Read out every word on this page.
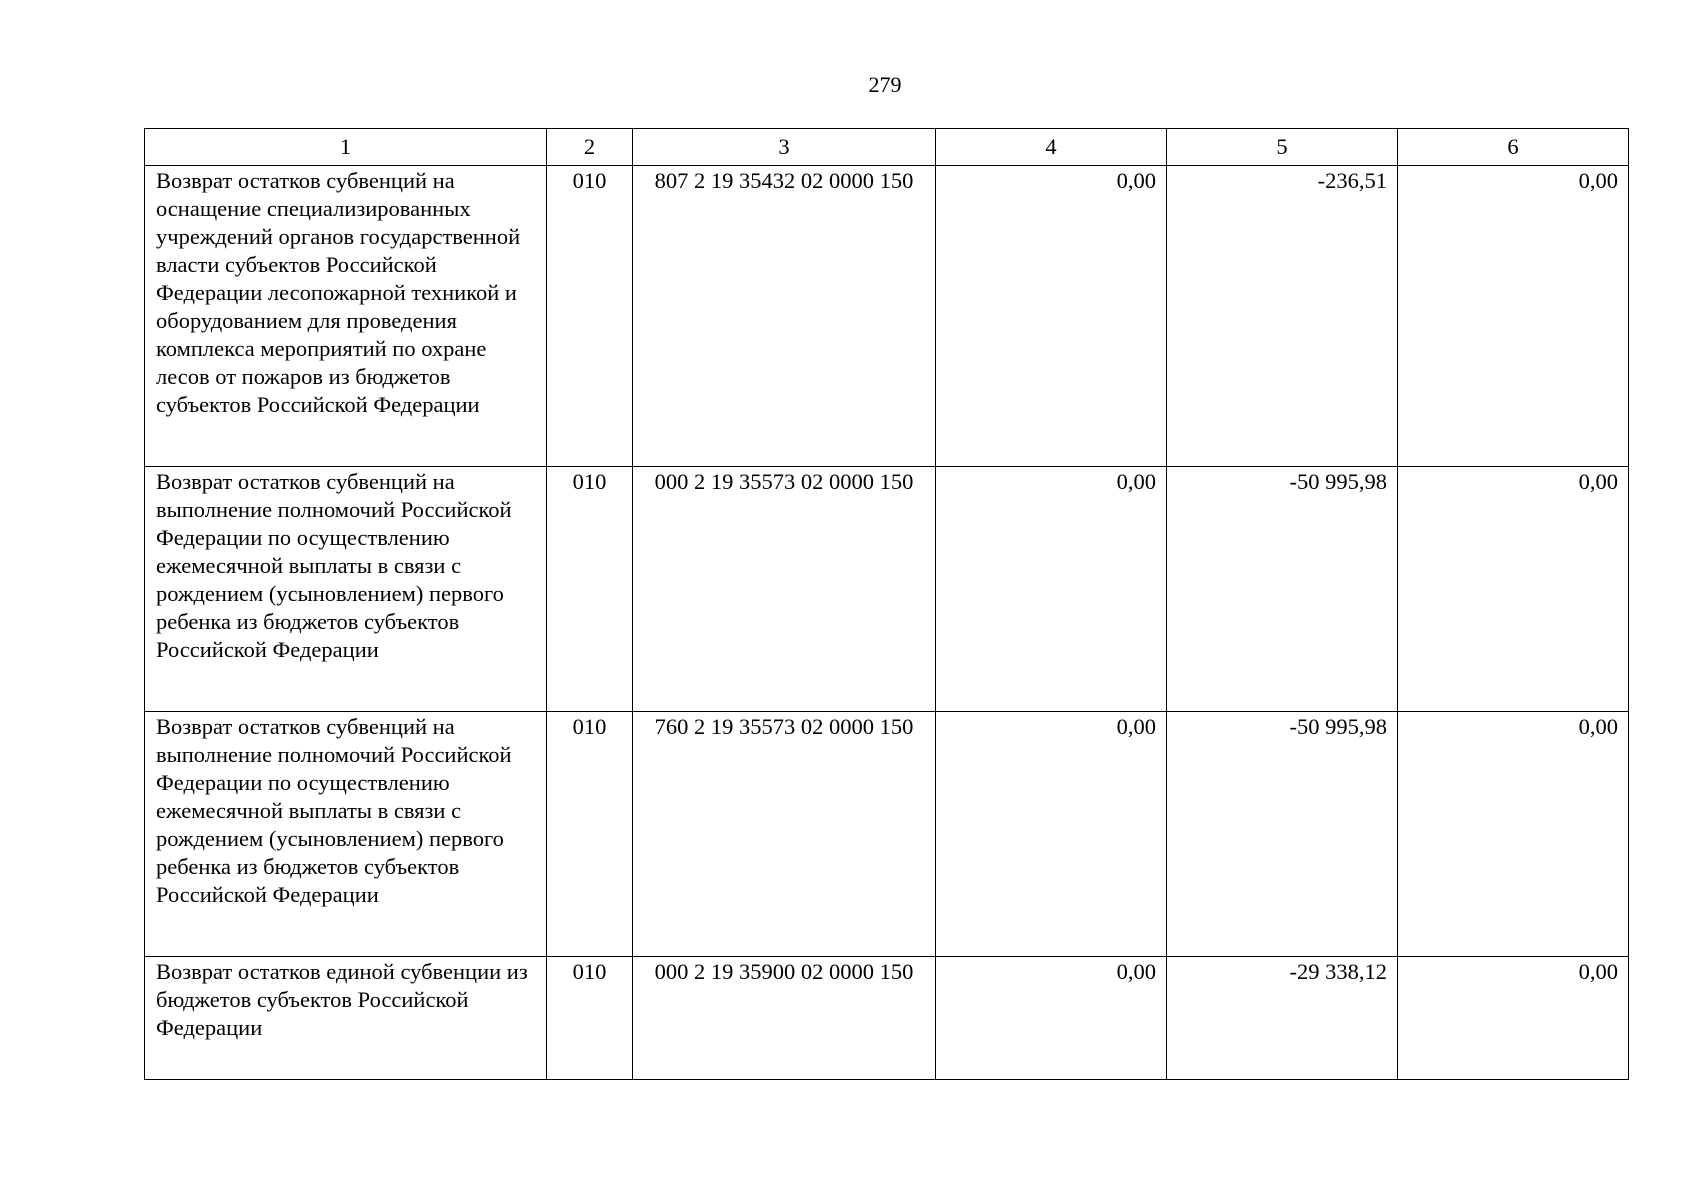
279
1	2	3	4	5	6
Возврат остатков субвенций на оснащение специализированных учреждений органов государственной власти субъектов Российской Федерации лесопожарной техникой и оборудованием для проведения комплекса мероприятий по охране лесов от пожаров из бюджетов субъектов Российской Федерации	010	807 2 19 35432 02 0000 150	0,00	-236,51	0,00
Возврат остатков субвенций на выполнение полномочий Российской Федерации по осуществлению ежемесячной выплаты в связи с рождением (усыновлением) первого ребенка из бюджетов субъектов Российской Федерации	010	000 2 19 35573 02 0000 150	0,00	-50 995,98	0,00
Возврат остатков субвенций на выполнение полномочий Российской Федерации по осуществлению ежемесячной выплаты в связи с рождением (усыновлением) первого ребенка из бюджетов субъектов Российской Федерации	010	760 2 19 35573 02 0000 150	0,00	-50 995,98	0,00
Возврат остатков единой субвенции из бюджетов субъектов Российской Федерации	010	000 2 19 35900 02 0000 150	0,00	-29 338,12	0,00
